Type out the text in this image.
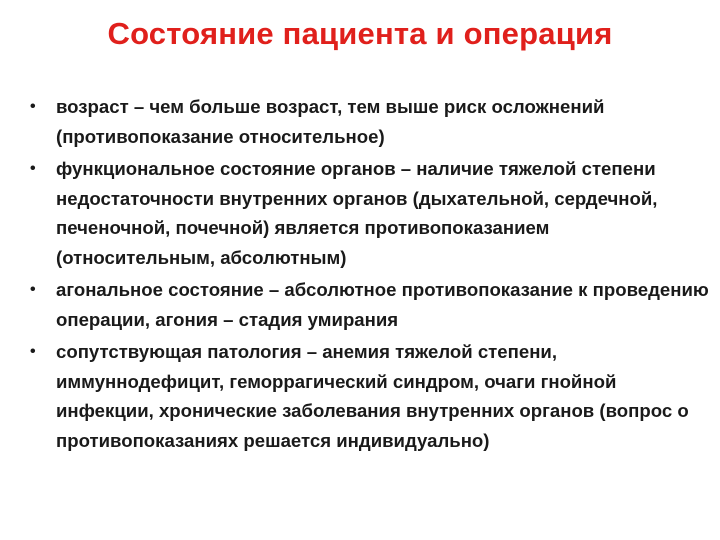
Состояние пациента и операция
•	возраст – чем больше возраст, тем выше риск осложнений (противопоказание относительное)
•	функциональное состояние органов – наличие тяжелой степени недостаточности внутренних органов (дыхательной, сердечной, печеночной, почечной) является противопоказанием (относительным, абсолютным)
•	агональное состояние – абсолютное противопоказание к проведению операции, агония – стадия умирания
•	сопутствующая патология – анемия тяжелой степени, иммуннодефицит, геморрагический синдром, очаги гнойной инфекции, хронические заболевания внутренних органов (вопрос о противопоказаниях решается индивидуально)
